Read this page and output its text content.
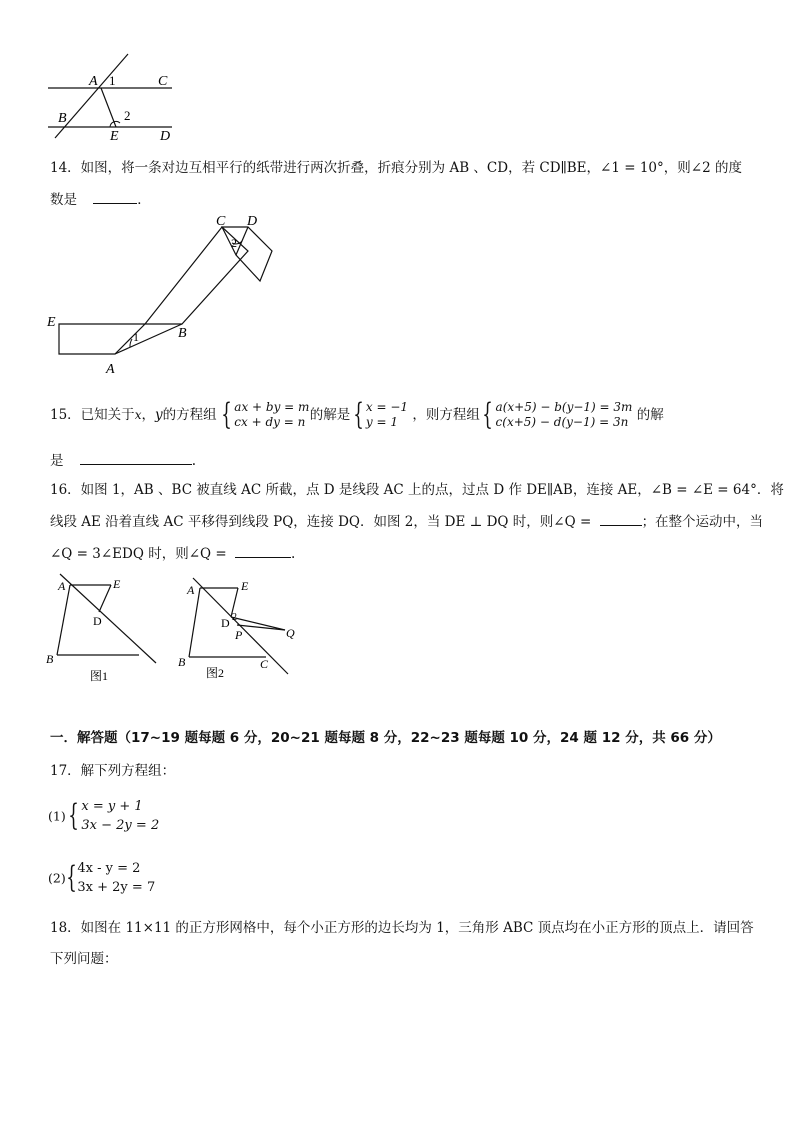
A 1	C
B	2
E	D
14．如图，将一条对边互相平行的纸带进行两次折叠，折痕分别为 AB 、CD，若 CD∥BE，∠1 = 10°，则∠2 的度
数是	．
C D
2
E
B
1
A
15．已知关于x，y的方程组 { ax + by = m
cx + dy = n 的解是 { x = −1
y = 1	，则方程组 { a(x+5) − b(y−1) = 3m
c(x+5) − d(y−1) = 3n 的解
是	.
16．如图 1，AB 、BC 被直线 AC 所截，点 D 是线段 AC 上的点，过点 D 作 DE∥AB，连接 AE，∠B = ∠E = 64°．将
线段 AE 沿着直线 AC 平移得到线段 PQ，连接 DQ．如图 2，当 DE ⊥ DQ 时，则∠Q =	；在整个运动中，当
∠Q = 3∠EDQ 时，则∠Q =	.
A	E
D
B
图1
A	E
D 2
P	Q
B	C
图2
一．解答题（17~19 题每题 6 分，20~21 题每题 8 分，22~23 题每题 10 分，24 题 12 分，共 66 分）
17．解下列方程组：
(1) { x = y + 1
3x − 2y = 2
(2) { 4x - y = 2
3x + 2y = 7
18．如图在 11×11 的正方形网格中，每个小正方形的边长均为 1，三角形 ABC 顶点均在小正方形的顶点上．请回答
下列问题：
